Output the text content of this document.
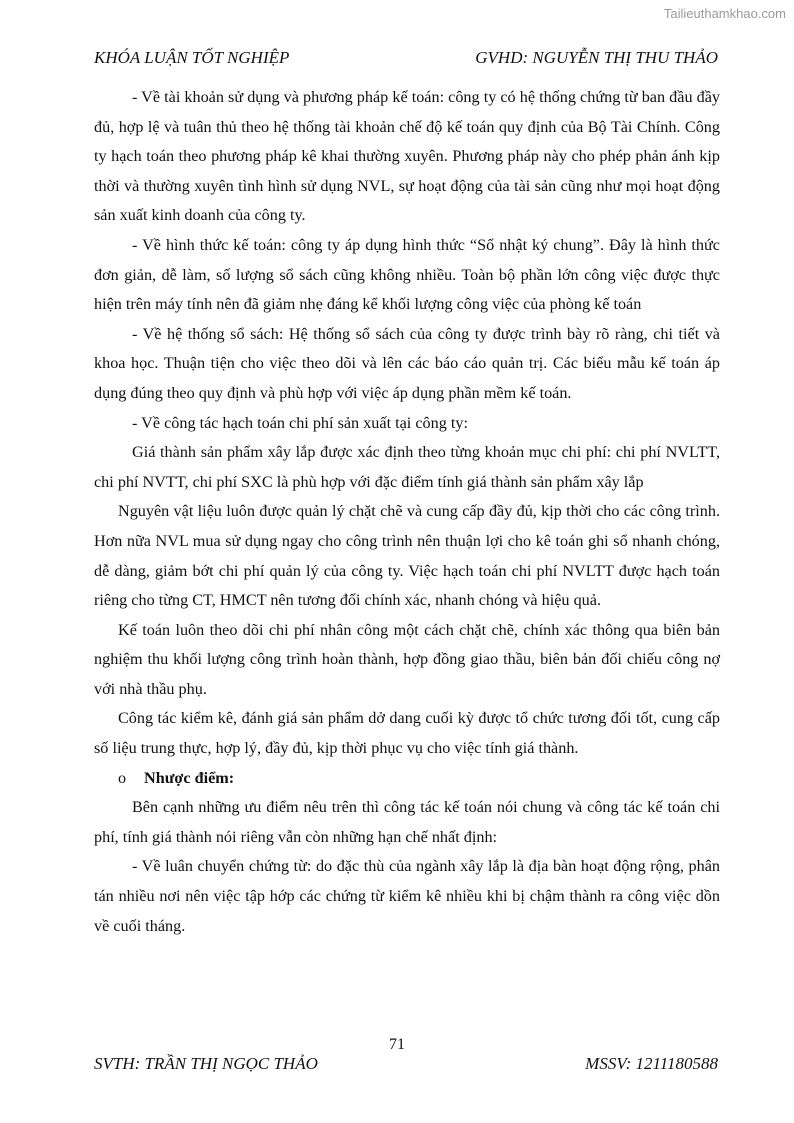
Tailieuthamkhao.com
KHÓA LUẬN TỐT NGHIỆP	GVHD: NGUYỄN THỊ THU THẢO

- Về tài khoản sử dụng và phương pháp kế toán: công ty có hệ thống chứng từ ban đầu đầy đủ, hợp lệ và tuân thủ theo hệ thống tài khoản chế độ kế toán quy định của Bộ Tài Chính. Công ty hạch toán theo phương pháp kê khai thường xuyên. Phương pháp này cho phép phản ánh kịp thời và thường xuyên tình hình sử dụng NVL, sự hoạt động của tài sản cũng như mọi hoạt động sản xuất kinh doanh của công ty.

- Về hình thức kế toán: công ty áp dụng hình thức “Sổ nhật ký chung”. Đây là hình thức đơn giản, dễ làm, số lượng sổ sách cũng không nhiều. Toàn bộ phần lớn công việc được thực hiện trên máy tính nên đã giảm nhẹ đáng kể khối lượng công việc của phòng kế toán

- Về hệ thống sổ sách: Hệ thống sổ sách của công ty được trình bày rõ ràng, chi tiết và khoa học. Thuận tiện cho việc theo dõi và lên các báo cáo quản trị. Các biểu mẫu kế toán áp dụng đúng theo quy định và phù hợp với việc áp dụng phần mềm kế toán.

- Về công tác hạch toán chi phí sản xuất tại công ty:

Giá thành sản phẩm xây lắp được xác định theo từng khoản mục chi phí: chi phí NVLTT, chi phí NVTT, chi phí SXC là phù hợp với đặc điểm tính giá thành sản phẩm xây lắp

Nguyên vật liệu luôn được quản lý chặt chẽ và cung cấp đầy đủ, kịp thời cho các công trình. Hơn nữa NVL mua sử dụng ngay cho công trình nên thuận lợi cho kê toán ghi sổ nhanh chóng, dễ dàng, giảm bớt chi phí quản lý của công ty. Việc hạch toán chi phí NVLTT được hạch toán riêng cho từng CT, HMCT nên tương đối chính xác, nhanh chóng và hiệu quả.

Kế toán luôn theo dõi chi phí nhân công một cách chặt chẽ, chính xác thông qua biên bản nghiệm thu khối lượng công trình hoàn thành, hợp đồng giao thầu, biên bản đối chiếu công nợ với nhà thầu phụ.

Công tác kiểm kê, đánh giá sản phẩm dở dang cuối kỳ được tổ chức tương đối tốt, cung cấp số liệu trung thực, hợp lý, đầy đủ, kịp thời phục vụ cho việc tính giá thành.

o Nhược điểm:

Bên cạnh những ưu điểm nêu trên thì công tác kế toán nói chung và công tác kế toán chi phí, tính giá thành nói riêng vẫn còn những hạn chế nhất định:

- Về luân chuyển chứng từ: do đặc thù của ngành xây lắp là địa bàn hoạt động rộng, phân tán nhiều nơi nên việc tập hớp các chứng từ kiểm kê nhiều khi bị chậm thành ra công việc dồn về cuối tháng.

71
SVTH: TRẦN THỊ NGỌC THẢO	MSSV: 1211180588
